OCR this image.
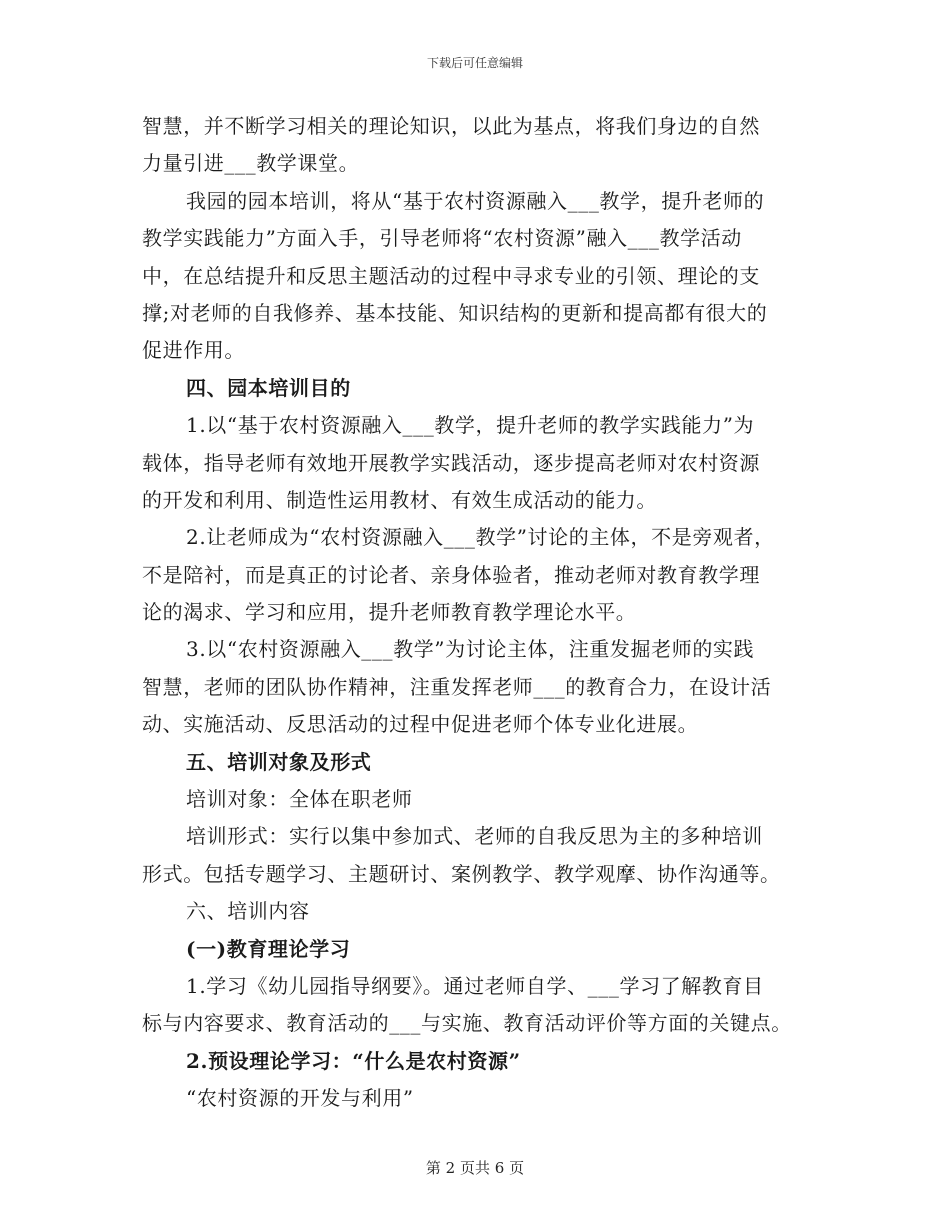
下载后可任意编辑
智慧，并不断学习相关的理论知识，以此为基点，将我们身边的自然
力量引进___教学课堂。
我园的园本培训，将从“基于农村资源融入___教学，提升老师的
教学实践能力”方面入手，引导老师将“农村资源”融入___教学活动
中，在总结提升和反思主题活动的过程中寻求专业的引领、理论的支
撑;对老师的自我修养、基本技能、知识结构的更新和提高都有很大的
促进作用。
四、园本培训目的
1.以“基于农村资源融入___教学，提升老师的教学实践能力”为
载体，指导老师有效地开展教学实践活动，逐步提高老师对农村资源
的开发和利用、制造性运用教材、有效生成活动的能力。
2.让老师成为“农村资源融入___教学”讨论的主体，不是旁观者，
不是陪衬，而是真正的讨论者、亲身体验者，推动老师对教育教学理
论的渴求、学习和应用，提升老师教育教学理论水平。
3.以“农村资源融入___教学”为讨论主体，注重发掘老师的实践
智慧，老师的团队协作精神，注重发挥老师___的教育合力，在设计活
动、实施活动、反思活动的过程中促进老师个体专业化进展。
五、培训对象及形式
培训对象：全体在职老师
培训形式：实行以集中参加式、老师的自我反思为主的多种培训
形式。包括专题学习、主题研讨、案例教学、教学观摩、协作沟通等。
六、培训内容
(一)教育理论学习
1.学习《幼儿园指导纲要》。通过老师自学、___学习了解教育目
标与内容要求、教育活动的___与实施、教育活动评价等方面的关键点。
2.预设理论学习：“什么是农村资源”
“农村资源的开发与利用”
第 2 页共 6 页
